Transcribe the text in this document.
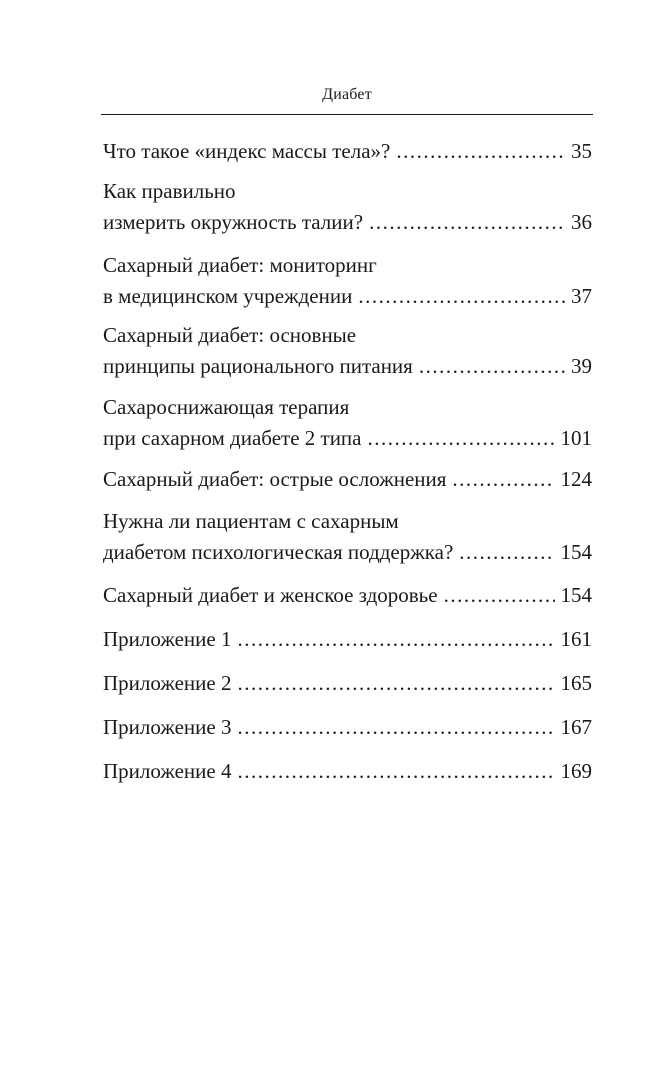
Диабет
Что такое «индекс массы тела»? .....	35
Как правильно
измерить окружность талии? .....	36
Сахарный диабет: мониторинг
в медицинском учреждении .....	37
Сахарный диабет: основные
принципы рационального питания .....	39
Сахароснижающая терапия
при сахарном диабете 2 типа .....	101
Сахарный диабет: острые осложнения .....	124
Нужна ли пациентам с сахарным
диабетом психологическая поддержка? .....	154
Сахарный диабет и женское здоровье .....	154
Приложение 1 .....	161
Приложение 2 .....	165
Приложение 3 .....	167
Приложение 4 .....	169
